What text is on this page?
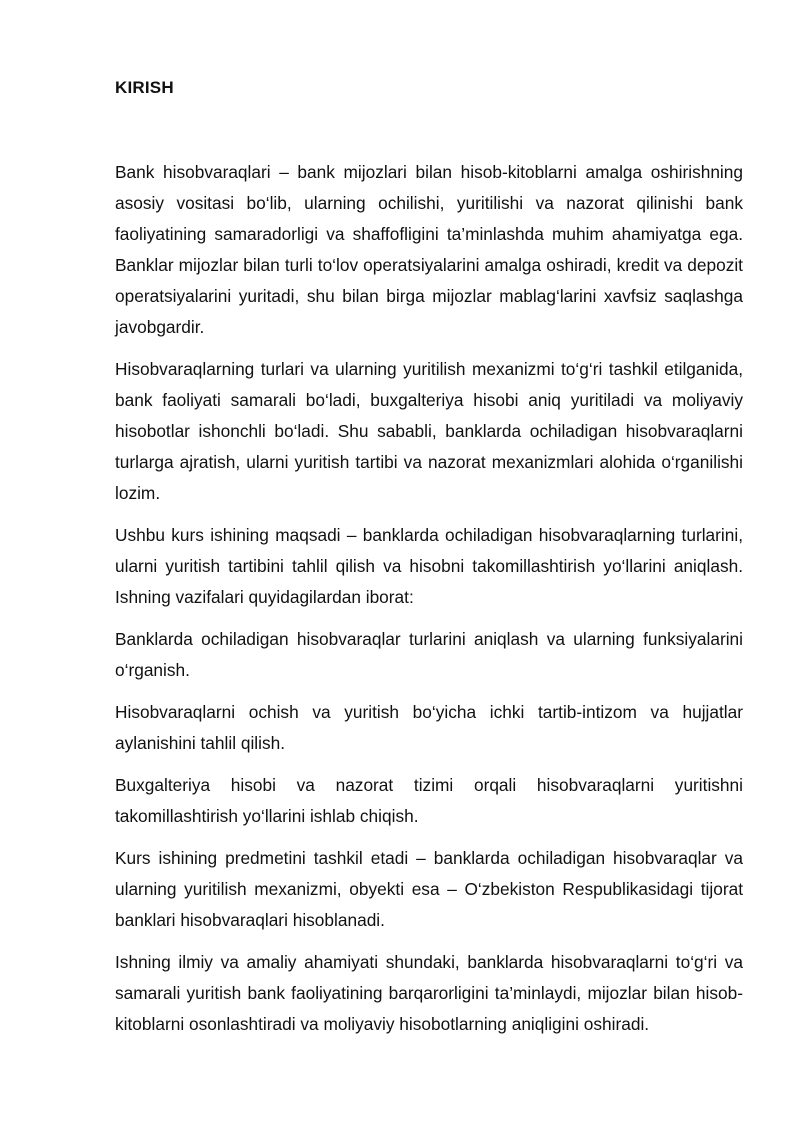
KIRISH

Bank hisobvaraqlari – bank mijozlari bilan hisob-kitoblarni amalga oshirishning asosiy vositasi bo‘lib, ularning ochilishi, yuritilishi va nazorat qilinishi bank faoliyatining samaradorligi va shaffofligini ta’minlashda muhim ahamiyatga ega. Banklar mijozlar bilan turli to‘lov operatsiyalarini amalga oshiradi, kredit va depozit operatsiyalarini yuritadi, shu bilan birga mijozlar mablag‘larini xavfsiz saqlashga javobgardir.

Hisobvaraqlarning turlari va ularning yuritilish mexanizmi to‘g‘ri tashkil etilganida, bank faoliyati samarali bo‘ladi, buxgalteriya hisobi aniq yuritiladi va moliyaviy hisobotlar ishonchli bo‘ladi. Shu sababli, banklarda ochiladigan hisobvaraqlarni turlarga ajratish, ularni yuritish tartibi va nazorat mexanizmlari alohida o‘rganilishi lozim.

Ushbu kurs ishining maqsadi – banklarda ochiladigan hisobvaraqlarning turlarini, ularni yuritish tartibini tahlil qilish va hisobni takomillashtirish yo‘llarini aniqlash. Ishning vazifalari quyidagilardan iborat:

Banklarda ochiladigan hisobvaraqlar turlarini aniqlash va ularning funksiyalarini o‘rganish.

Hisobvaraqlarni ochish va yuritish bo‘yicha ichki tartib-intizom va hujjatlar aylanishini tahlil qilish.

Buxgalteriya hisobi va nazorat tizimi orqali hisobvaraqlarni yuritishni takomillashtirish yo‘llarini ishlab chiqish.

Kurs ishining predmetini tashkil etadi – banklarda ochiladigan hisobvaraqlar va ularning yuritilish mexanizmi, obyekti esa – O‘zbekiston Respublikasidagi tijorat banklari hisobvaraqlari hisoblanadi.

Ishning ilmiy va amaliy ahamiyati shundaki, banklarda hisobvaraqlarni to‘g‘ri va samarali yuritish bank faoliyatining barqarorligini ta’minlaydi, mijozlar bilan hisob-kitoblarni osonlashtiradi va moliyaviy hisobotlarning aniqligini oshiradi.
